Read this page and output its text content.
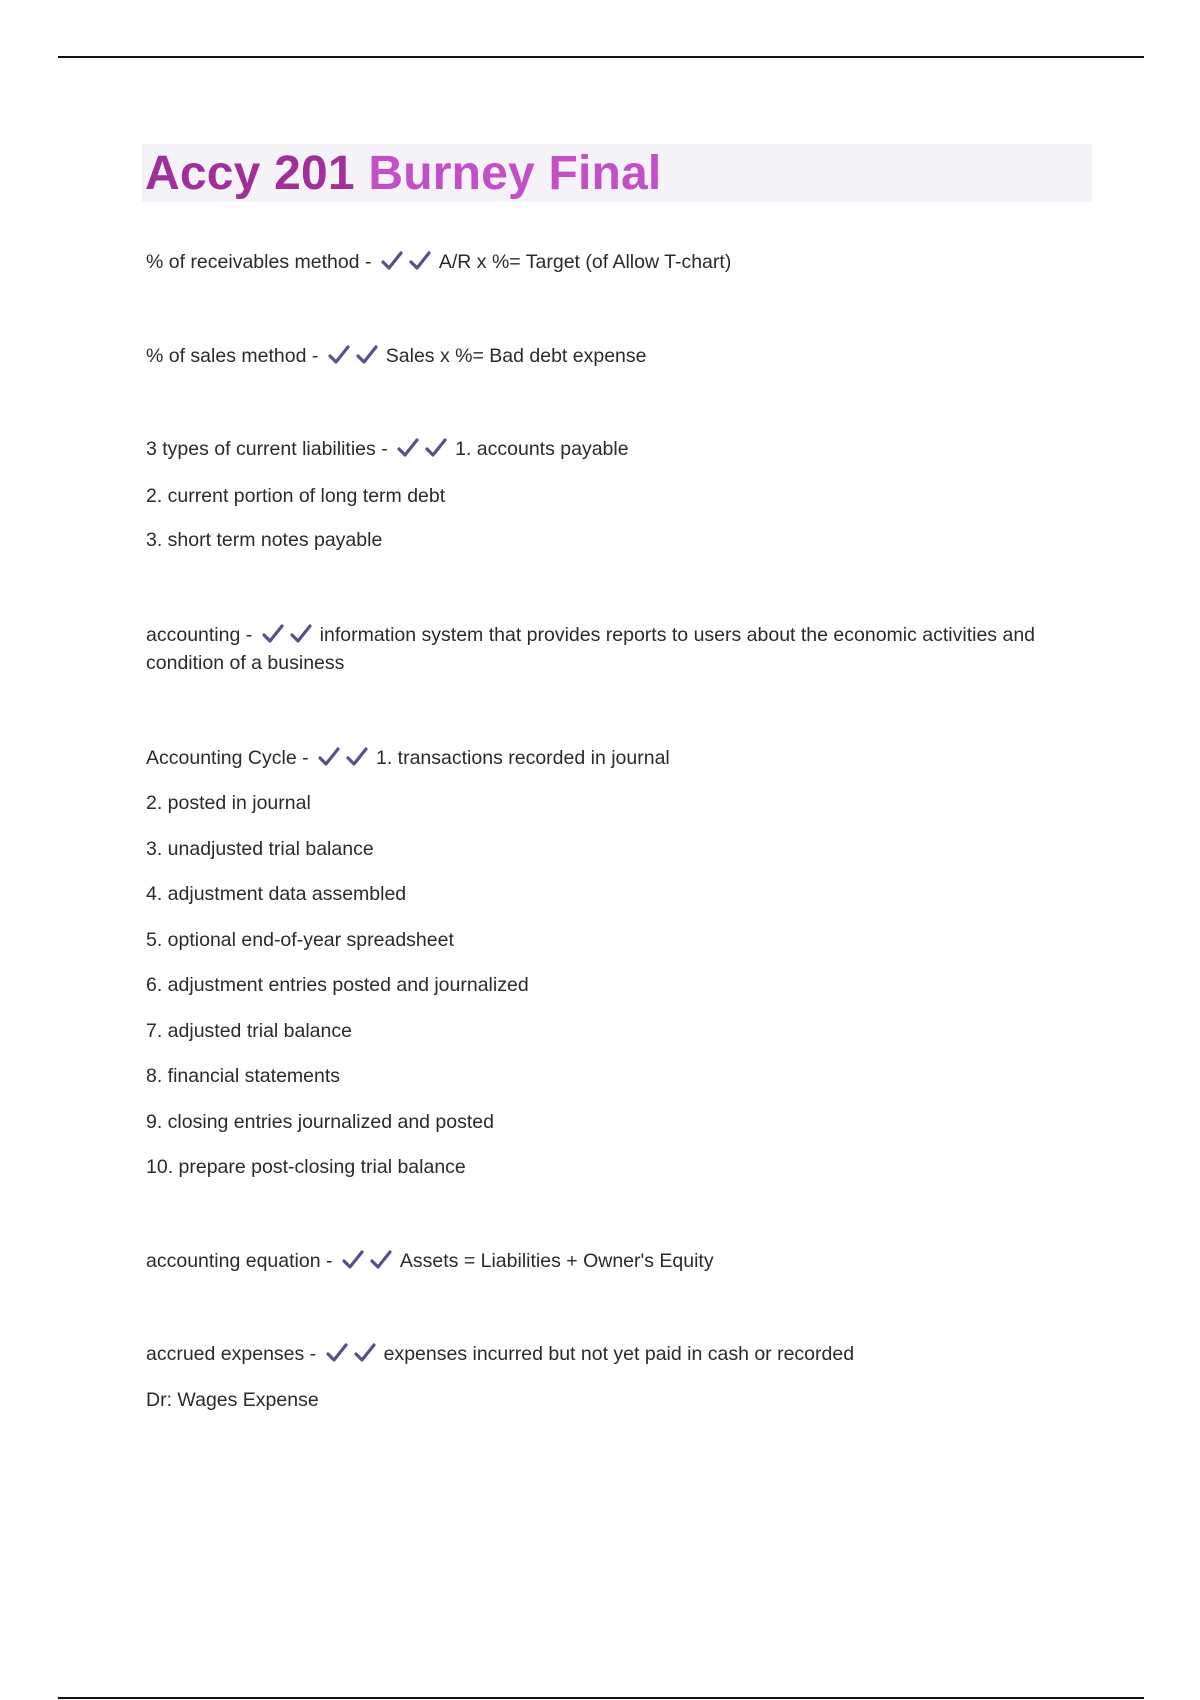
Accy 201 Burney Final
% of receivables method -	A/R x %= Target (of Allow T-chart)
% of sales method -	Sales x %= Bad debt expense
3 types of current liabilities -	1. accounts payable
2. current portion of long term debt
3. short term notes payable
accounting -	information system that provides reports to users about the economic activities and condition of a business
Accounting Cycle -	1. transactions recorded in journal
2. posted in journal
3. unadjusted trial balance
4. adjustment data assembled
5. optional end-of-year spreadsheet
6. adjustment entries posted and journalized
7. adjusted trial balance
8. financial statements
9. closing entries journalized and posted
10. prepare post-closing trial balance
accounting equation -	Assets = Liabilities + Owner's Equity
accrued expenses -	expenses incurred but not yet paid in cash or recorded
Dr: Wages Expense
